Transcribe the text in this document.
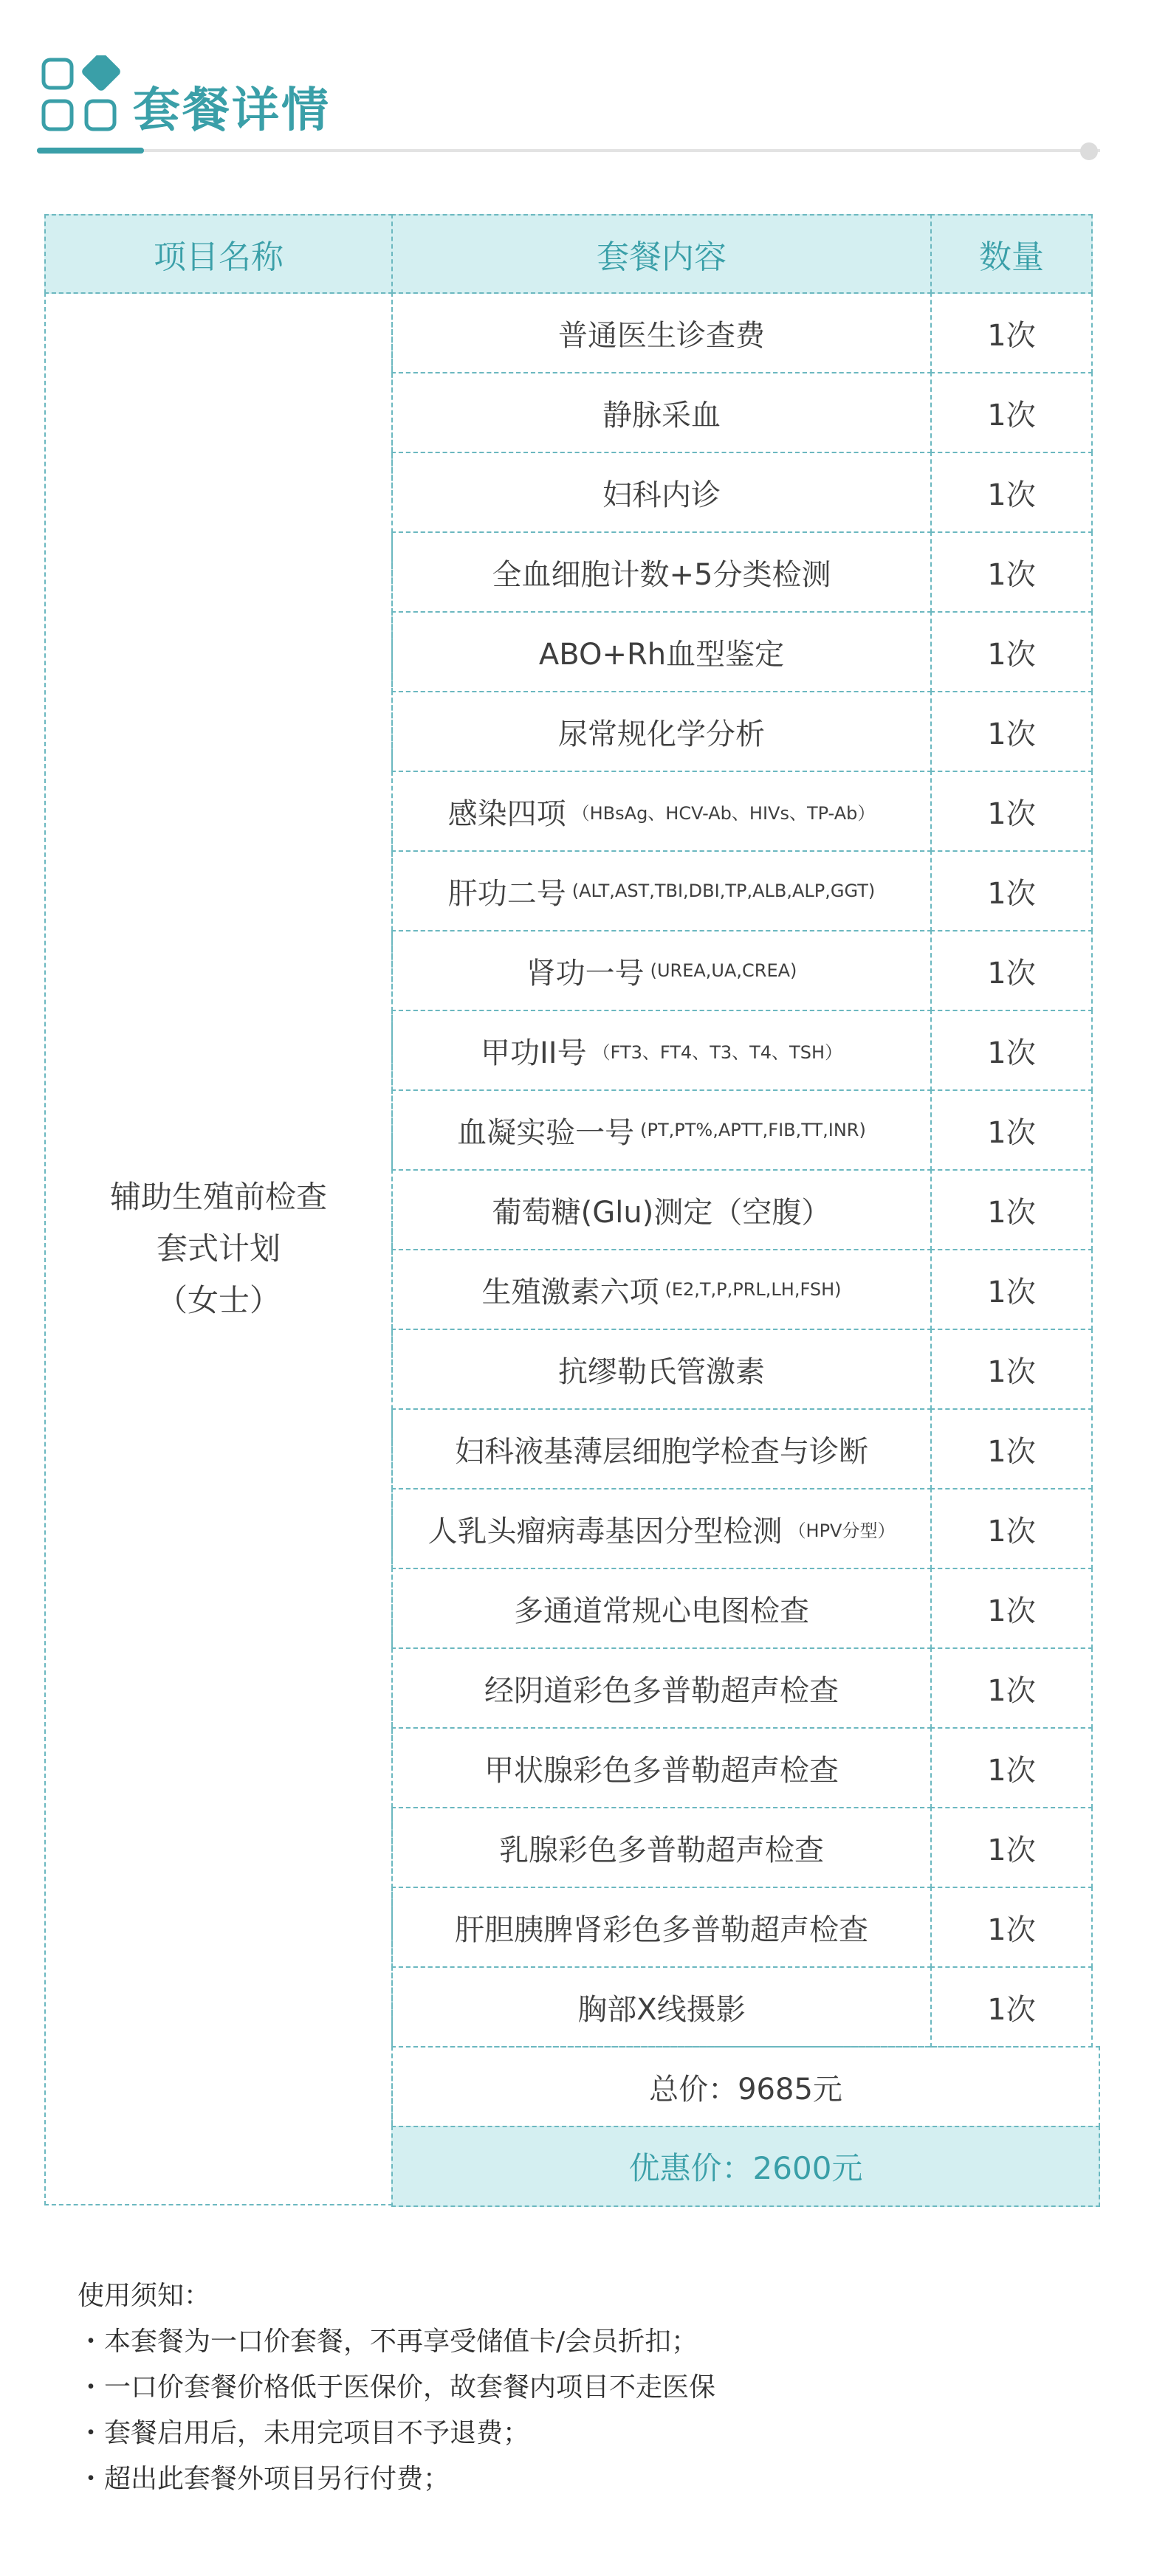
套餐详情
项目名称	套餐内容	数量
辅助生殖前检查
套式计划
（女士）
普通医生诊查费	1次
静脉采血	1次
妇科内诊	1次
全血细胞计数+5分类检测	1次
ABO+Rh血型鉴定	1次
尿常规化学分析	1次
感染四项 （HBsAg、HCV-Ab、HIVs、TP-Ab）	1次
肝功二号 (ALT,AST,TBI,DBI,TP,ALB,ALP,GGT)	1次
肾功一号 (UREA,UA,CREA)	1次
甲功II号 （FT3、FT4、T3、T4、TSH）	1次
血凝实验一号 (PT,PT%,APTT,FIB,TT,INR)	1次
葡萄糖(Glu)测定（空腹）	1次
生殖激素六项 (E2,T,P,PRL,LH,FSH)	1次
抗缪勒氏管激素	1次
妇科液基薄层细胞学检查与诊断	1次
人乳头瘤病毒基因分型检测 （HPV分型）	1次
多通道常规心电图检查	1次
经阴道彩色多普勒超声检查	1次
甲状腺彩色多普勒超声检查	1次
乳腺彩色多普勒超声检查	1次
肝胆胰脾肾彩色多普勒超声检查	1次
胸部X线摄影	1次
总价：9685元
优惠价：2600元
使用须知：
・本套餐为一口价套餐，不再享受储值卡/会员折扣；
・一口价套餐价格低于医保价，故套餐内项目不走医保
・套餐启用后，未用完项目不予退费；
・超出此套餐外项目另行付费；
